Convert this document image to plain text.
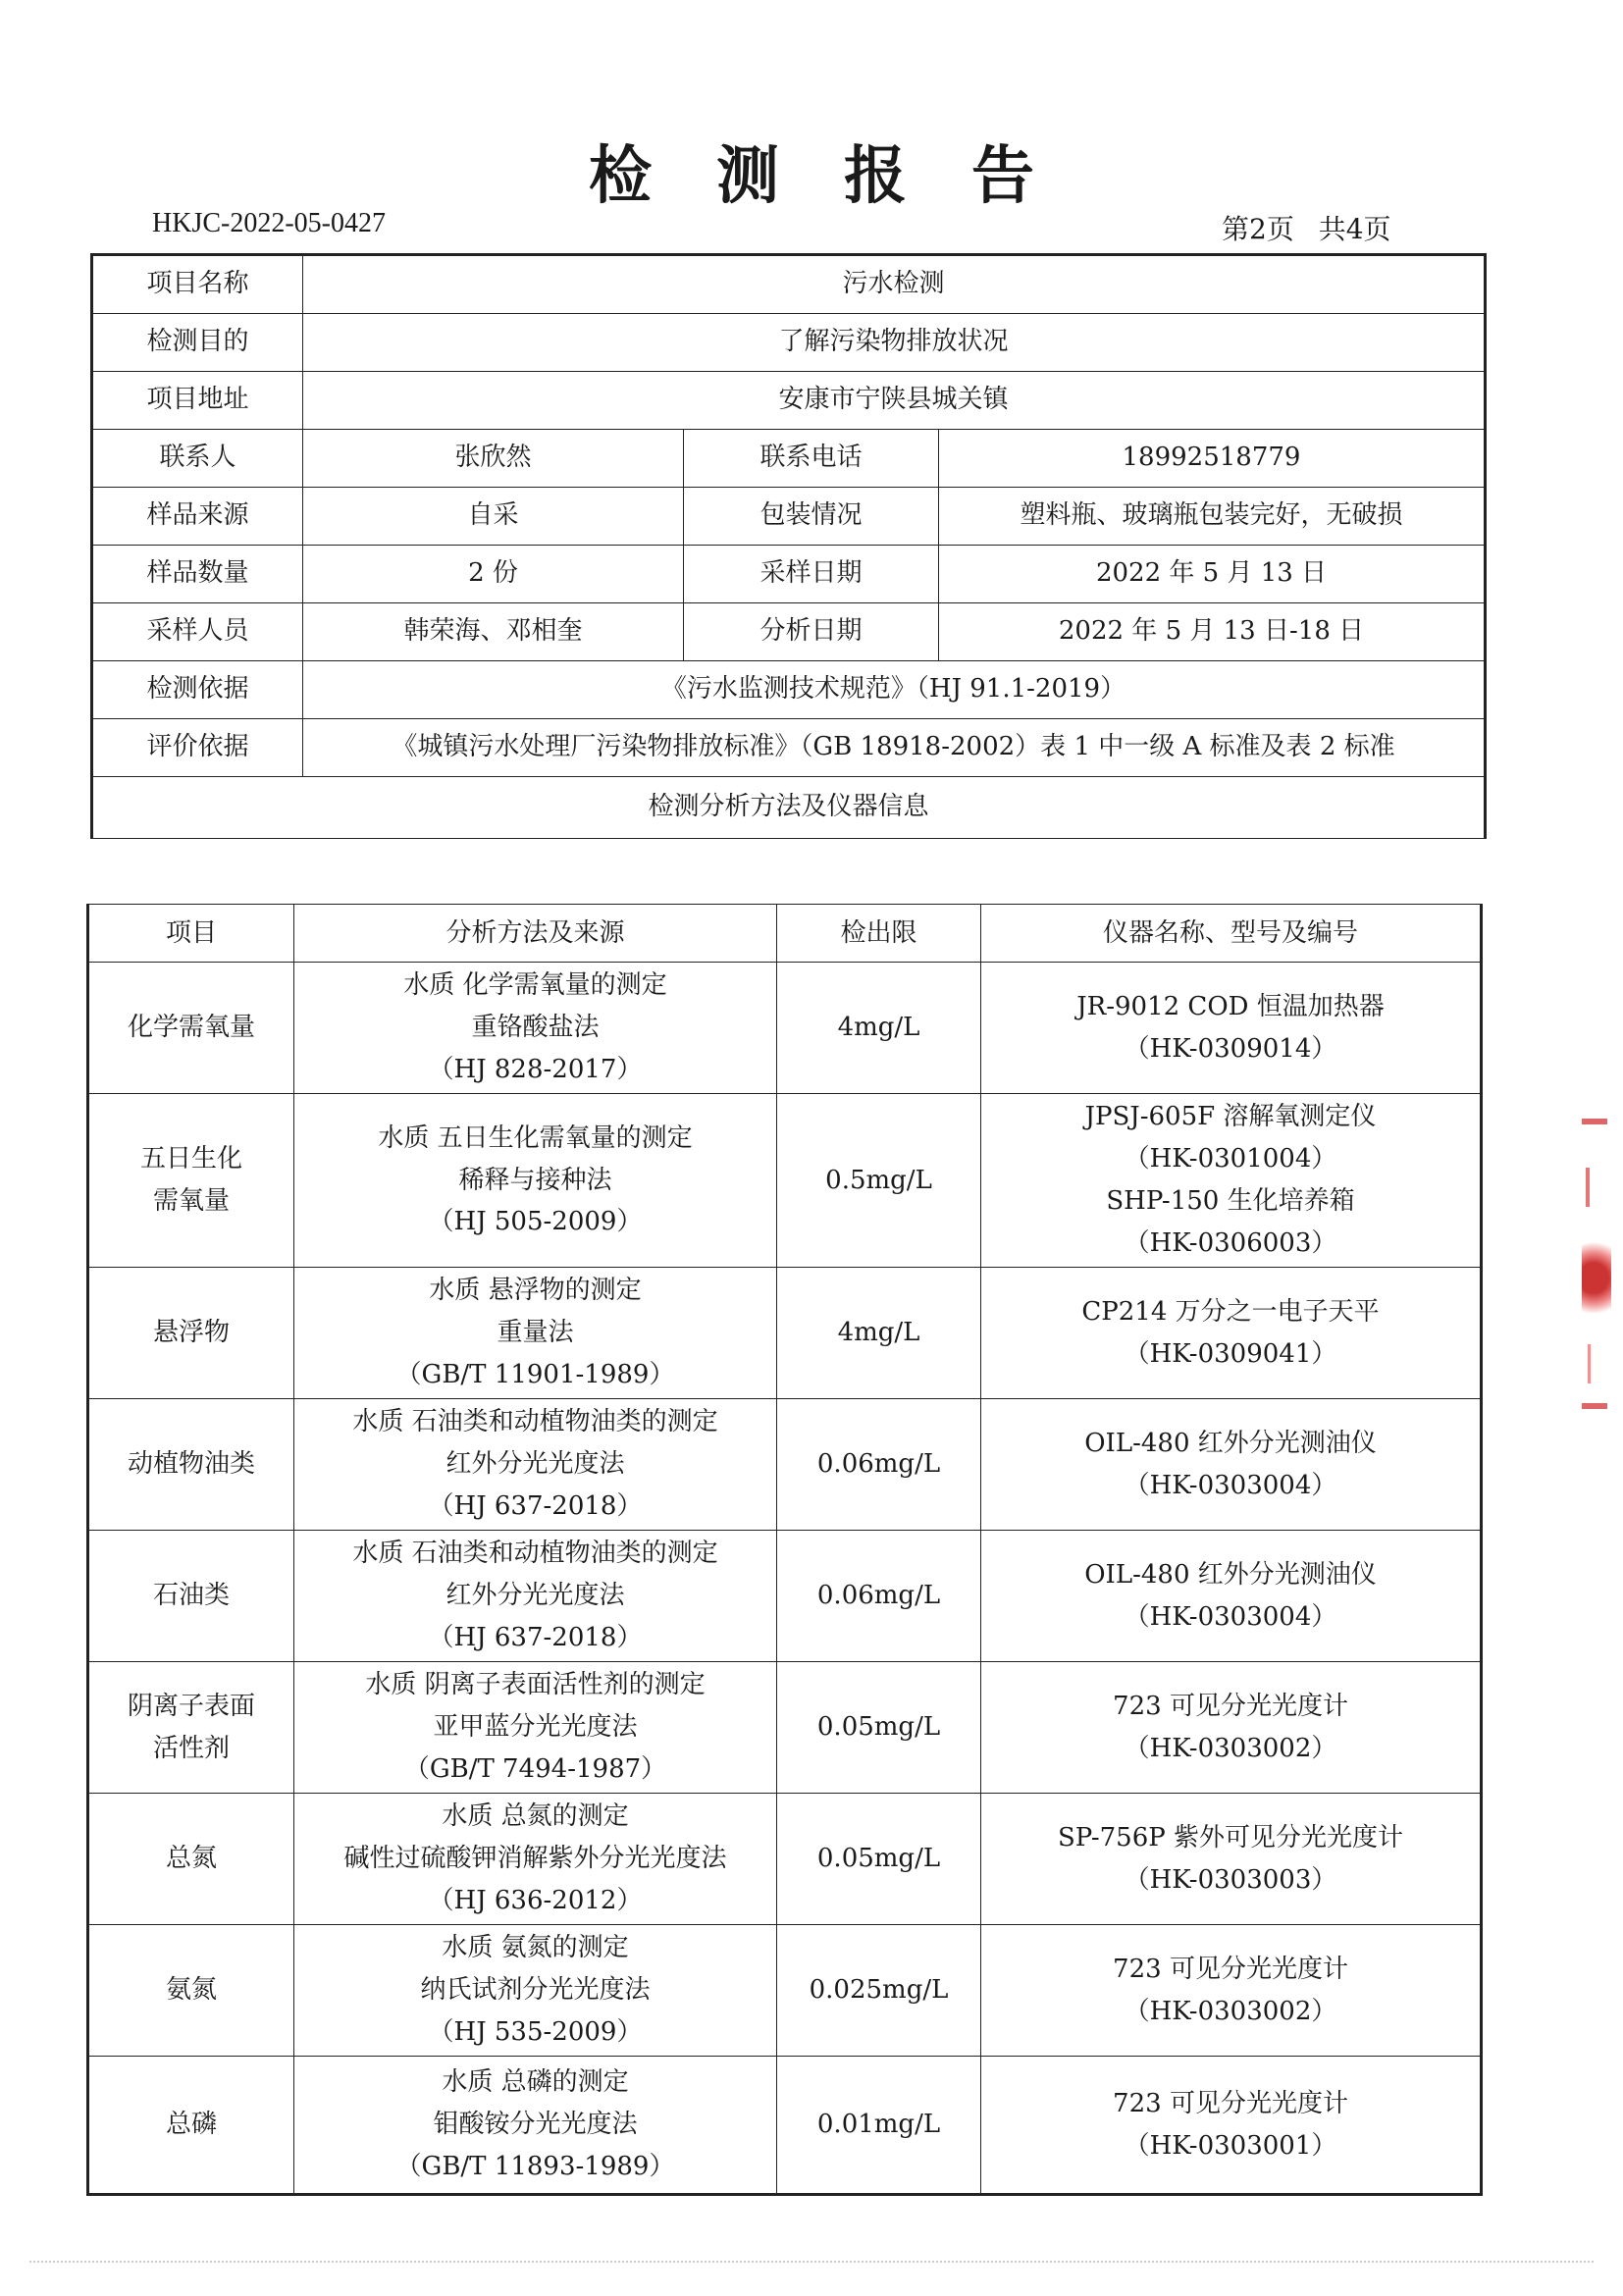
检测报告
HKJC-2022-05-0427	第2页 共4页
项目名称	污水检测		
检测目的	了解污染物排放状况		
项目地址	安康市宁陕县城关镇		
联系人	张欣然	联系电话	18992518779
样品来源	自采	包装情况	塑料瓶、玻璃瓶包装完好，无破损
样品数量	2 份	采样日期	2022 年 5 月 13 日
采样人员	韩荣海、邓相奎	分析日期	2022 年 5 月 13 日-18 日
检测依据	《污水监测技术规范》（HJ 91.1-2019）		
评价依据	《城镇污水处理厂污染物排放标准》（GB 18918-2002）表 1 中一级 A 标准及表 2 标准		
检测分析方法及仪器信息			
项目	分析方法及来源	检出限	仪器名称、型号及编号

化学需氧量	水质 化学需氧量的测定
重铬酸盐法
（HJ 828-2017）	4mg/L	JR-9012 COD 恒温加热器
（HK-0309014）

五日生化
需氧量	水质 五日生化需氧量的测定
稀释与接种法
（HJ 505-2009）	0.5mg/L	JPSJ-605F 溶解氧测定仪
（HK-0301004）
SHP-150 生化培养箱
（HK-0306003）

悬浮物	水质 悬浮物的测定
重量法
（GB/T 11901-1989）	4mg/L	CP214 万分之一电子天平
（HK-0309041）

动植物油类	水质 石油类和动植物油类的测定
红外分光光度法
（HJ 637-2018）	0.06mg/L	OIL-480 红外分光测油仪
（HK-0303004）

石油类	水质 石油类和动植物油类的测定
红外分光光度法
（HJ 637-2018）	0.06mg/L	OIL-480 红外分光测油仪
（HK-0303004）

阴离子表面
活性剂	水质 阴离子表面活性剂的测定
亚甲蓝分光光度法
（GB/T 7494-1987）	0.05mg/L	723 可见分光光度计
（HK-0303002）

总氮	水质 总氮的测定
碱性过硫酸钾消解紫外分光光度法
（HJ 636-2012）	0.05mg/L	SP-756P 紫外可见分光光度计
（HK-0303003）

氨氮	水质 氨氮的测定
纳氏试剂分光光度法
（HJ 535-2009）	0.025mg/L	723 可见分光光度计
（HK-0303002）

总磷	水质 总磷的测定
钼酸铵分光光度法
（GB/T 11893-1989）	0.01mg/L	723 可见分光光度计
（HK-0303001）
